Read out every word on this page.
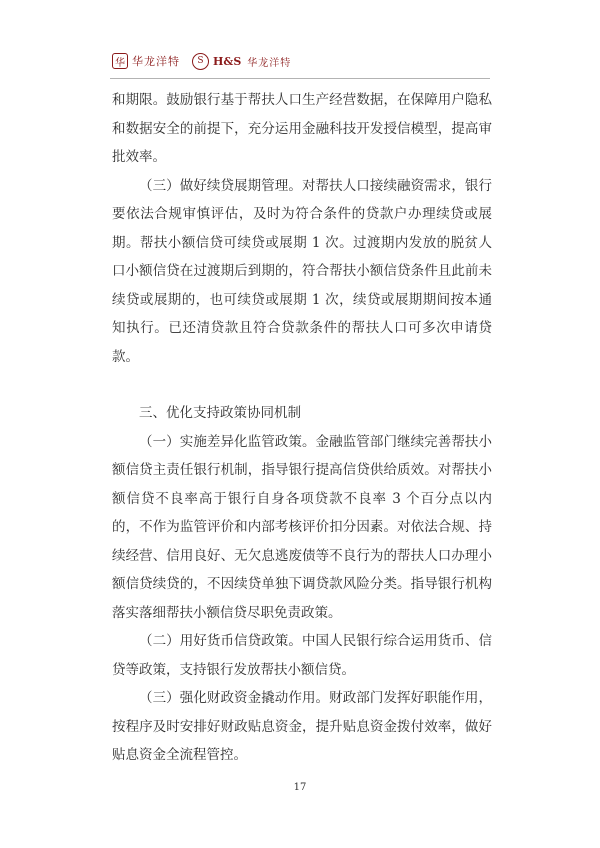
华 华龙洋特	S H&S 华龙洋特

和期限。鼓励银行基于帮扶人口生产经营数据，在保障用户隐私和数据安全的前提下，充分运用金融科技开发授信模型，提高审批效率。

（三）做好续贷展期管理。对帮扶人口接续融资需求，银行要依法合规审慎评估，及时为符合条件的贷款户办理续贷或展期。帮扶小额信贷可续贷或展期 1 次。过渡期内发放的脱贫人口小额信贷在过渡期后到期的，符合帮扶小额信贷条件且此前未续贷或展期的，也可续贷或展期 1 次，续贷或展期期间按本通知执行。已还清贷款且符合贷款条件的帮扶人口可多次申请贷款。

三、优化支持政策协同机制

（一）实施差异化监管政策。金融监管部门继续完善帮扶小额信贷主责任银行机制，指导银行提高信贷供给质效。对帮扶小额信贷不良率高于银行自身各项贷款不良率 3 个百分点以内的，不作为监管评价和内部考核评价扣分因素。对依法合规、持续经营、信用良好、无欠息逃废债等不良行为的帮扶人口办理小额信贷续贷的，不因续贷单独下调贷款风险分类。指导银行机构落实落细帮扶小额信贷尽职免责政策。

（二）用好货币信贷政策。中国人民银行综合运用货币、信贷等政策，支持银行发放帮扶小额信贷。

（三）强化财政资金撬动作用。财政部门发挥好职能作用，按程序及时安排好财政贴息资金，提升贴息资金拨付效率，做好贴息资金全流程管控。

17
